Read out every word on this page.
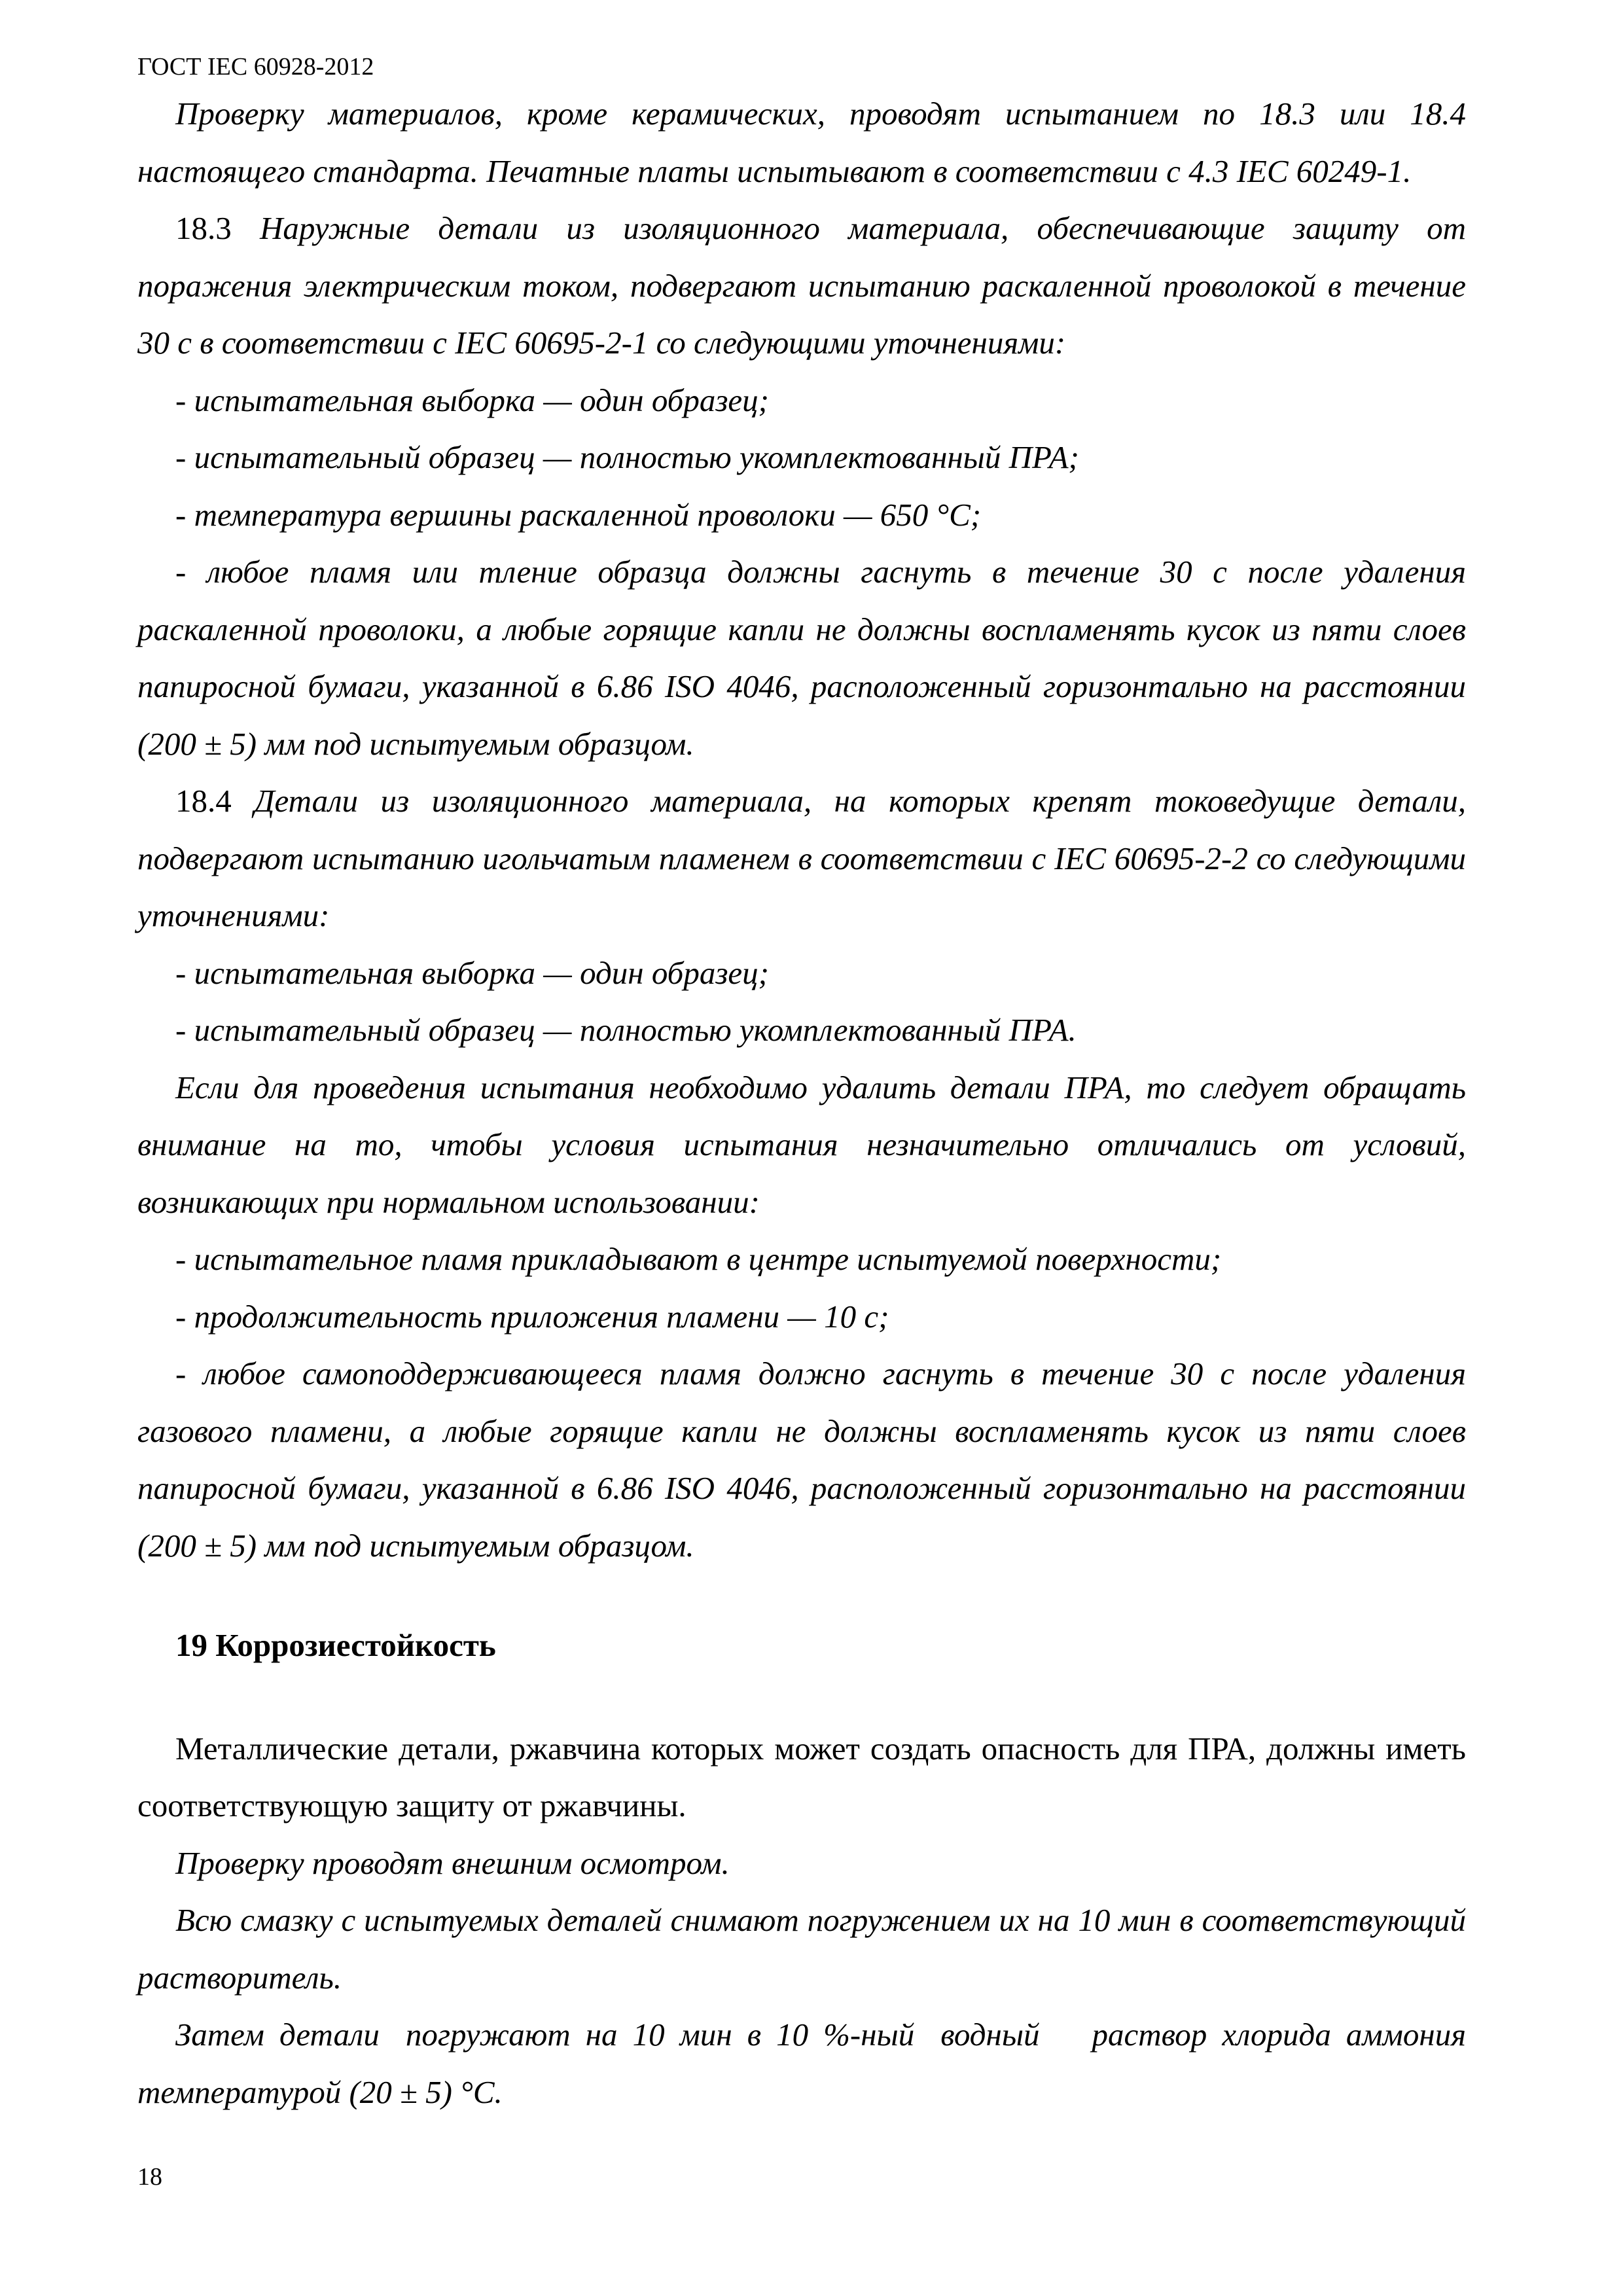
ГОСТ IEC 60928-2012

Проверку материалов, кроме керамических, проводят испытанием по 18.3 или 18.4 настоящего стандарта. Печатные платы испытывают в соответствии с 4.3 IEC 60249-1.

18.3 Наружные детали из изоляционного материала, обеспечивающие защиту от поражения электрическим током, подвергают испытанию раскаленной проволокой в течение 30 с в соответствии с IEC 60695-2-1 со следующими уточнениями:

- испытательная выборка — один образец;

- испытательный образец — полностью укомплектованный ПРА;

- температура вершины раскаленной проволоки — 650 °С;

- любое пламя или тление образца должны гаснуть в течение 30 с после удаления раскаленной проволоки, а любые горящие капли не должны воспламенять кусок из пяти слоев папиросной бумаги, указанной в 6.86 ISO 4046, расположенный горизонтально на расстоянии (200 ± 5) мм под испытуемым образцом.

18.4 Детали из изоляционного материала, на которых крепят токоведущие детали, подвергают испытанию игольчатым пламенем в соответствии с IEC 60695-2-2 со следующими уточнениями:

- испытательная выборка — один образец;

- испытательный образец — полностью укомплектованный ПРА.

Если для проведения испытания необходимо удалить детали ПРА, то следует обращать внимание на то, чтобы условия испытания незначительно отличались от условий, возникающих при нормальном использовании:

- испытательное пламя прикладывают в центре испытуемой поверхности;

- продолжительность приложения пламени — 10 с;

- любое самоподдерживающееся пламя должно гаснуть в течение 30 с после удаления газового пламени, а любые горящие капли не должны воспламенять кусок из пяти слоев папиросной бумаги, указанной в 6.86 ISO 4046, расположенный горизонтально на расстоянии (200 ± 5) мм под испытуемым образцом.

19 Коррозиестойкость

Металлические детали, ржавчина которых может создать опасность для ПРА, должны иметь соответствующую защиту от ржавчины.

Проверку проводят внешним осмотром.

Всю смазку с испытуемых деталей снимают погружением их на 10 мин в соответствующий растворитель.

Затем детали погружают на 10 мин в 10 %-ный водный раствор хлорида аммония температурой (20 ± 5) °С.

18
